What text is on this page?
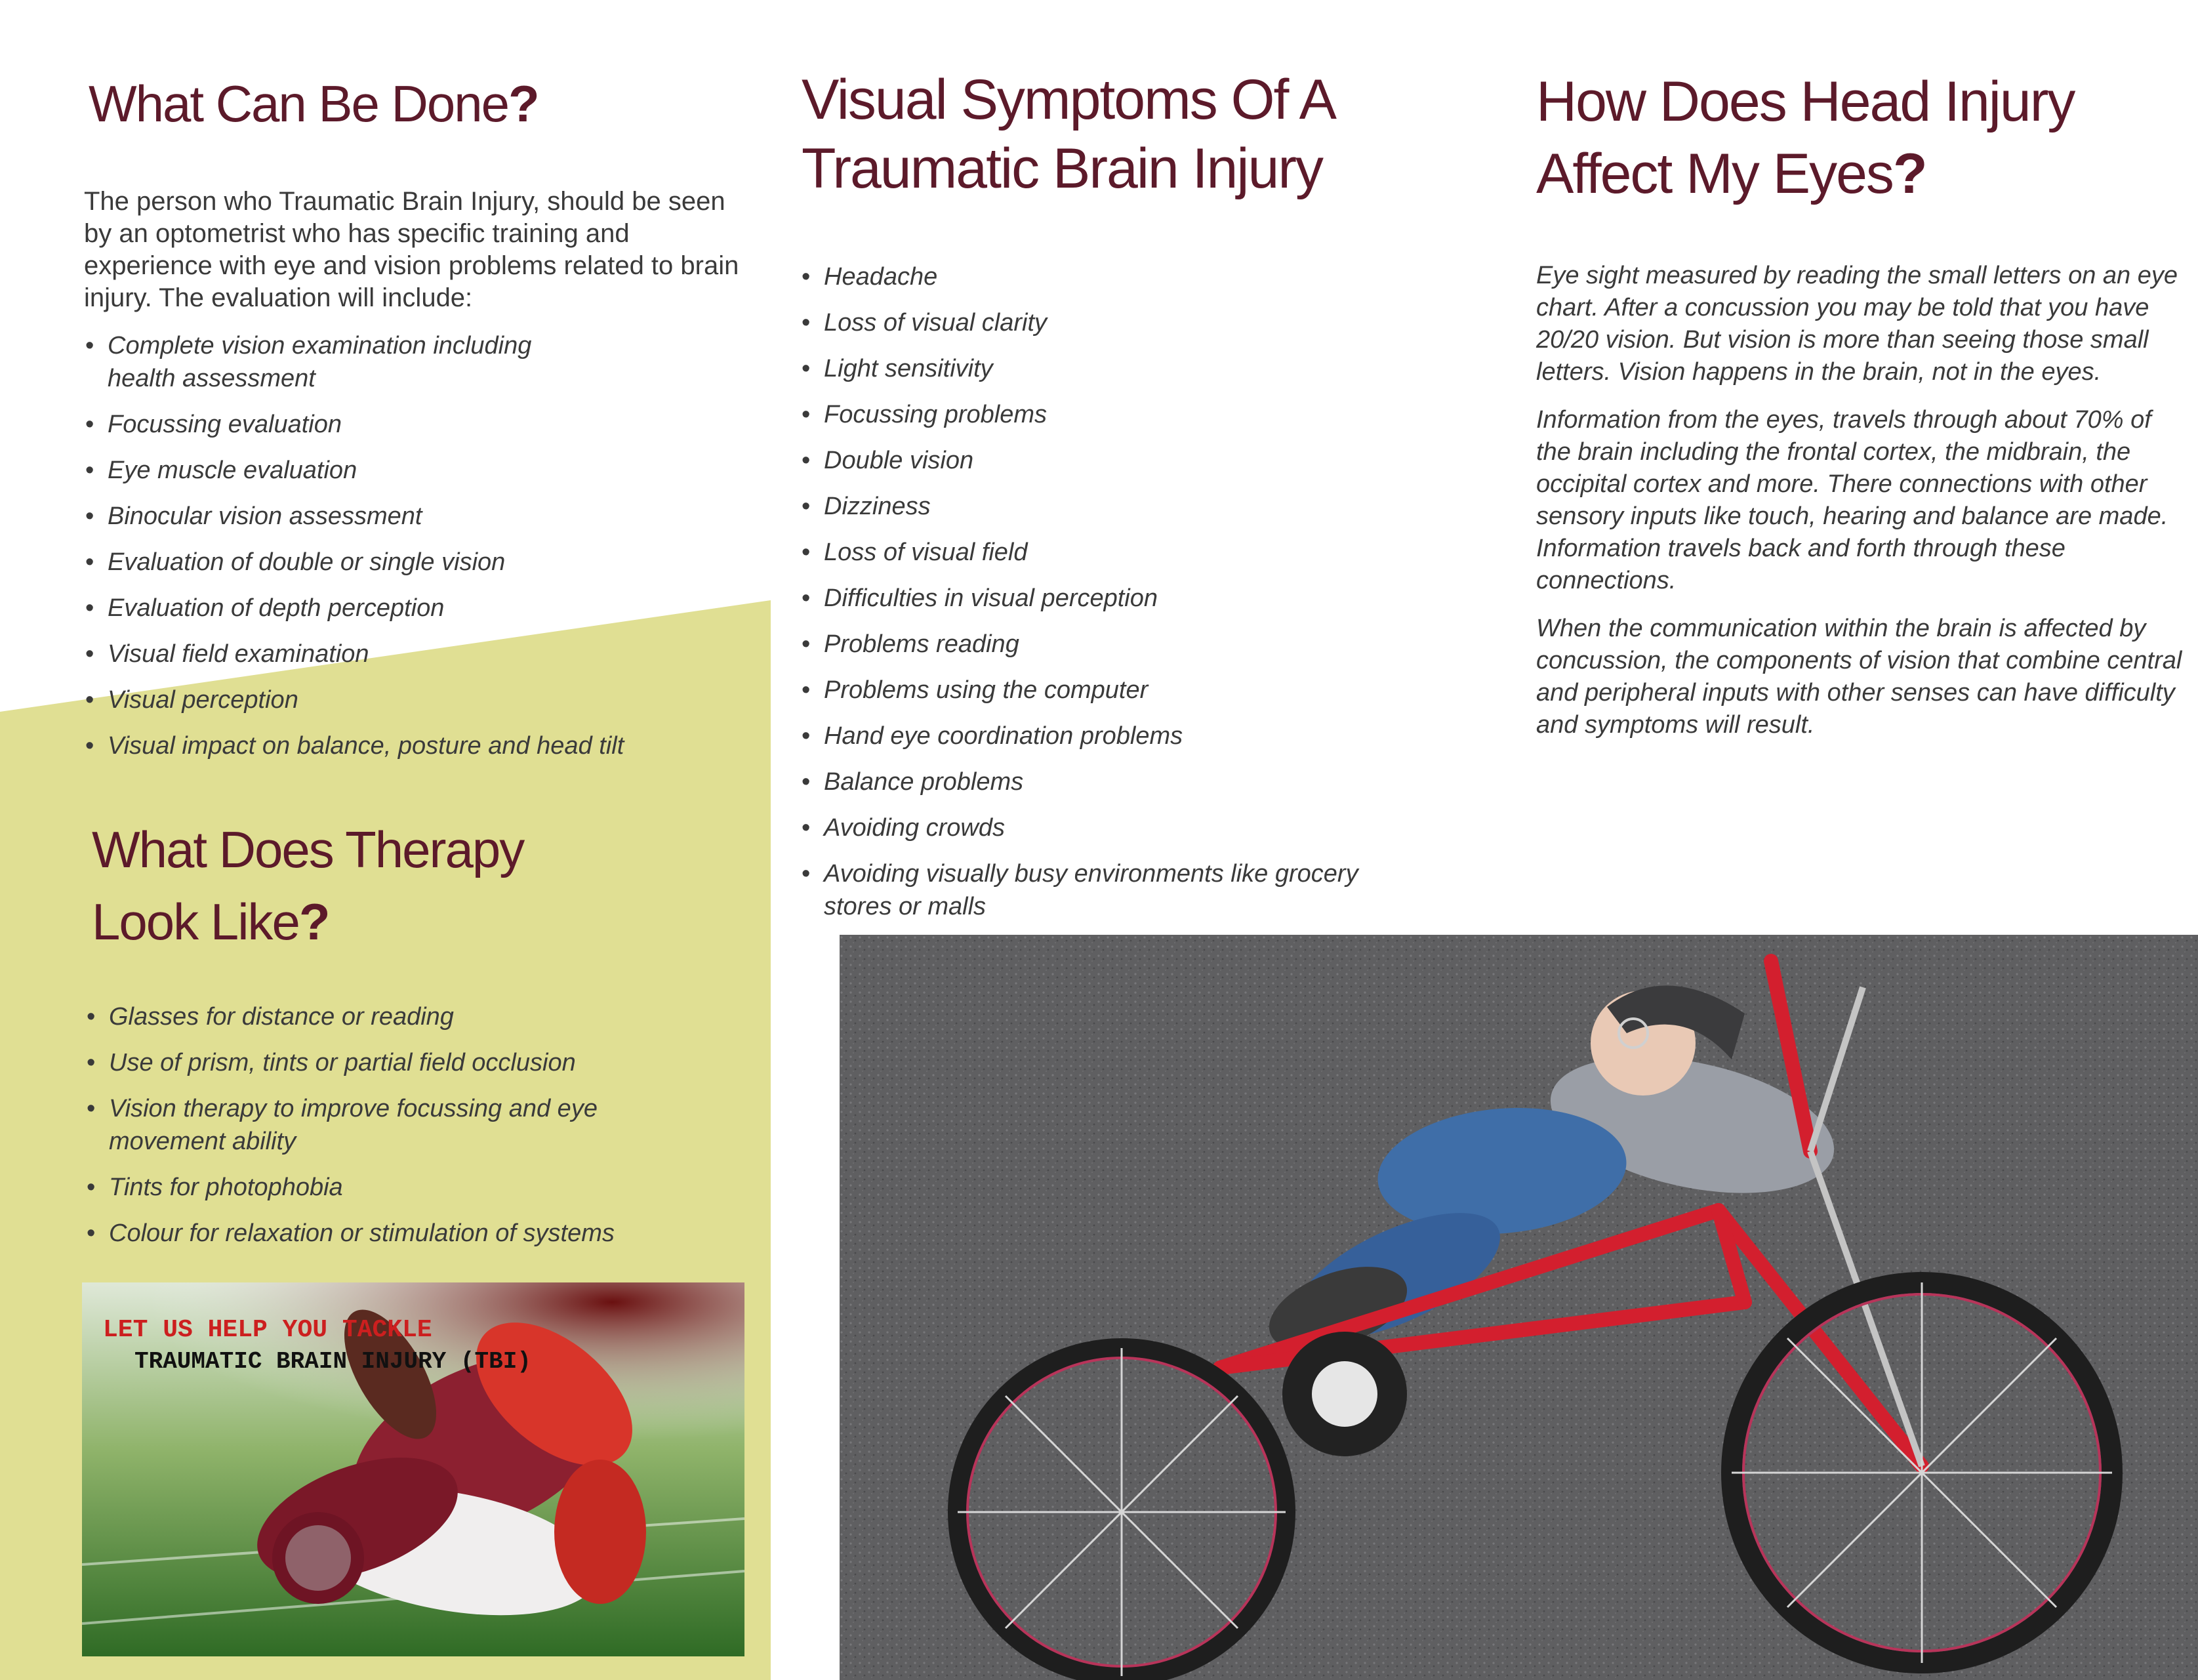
What Can Be Done?

The person who Traumatic Brain Injury, should be seen by an optometrist who has specific training and experience with eye and vision problems related to brain injury. The evaluation will include:

• Complete vision examination including health assessment
• Focussing evaluation
• Eye muscle evaluation
• Binocular vision assessment
• Evaluation of double or single vision
• Evaluation of depth perception
• Visual field examination
• Visual perception
• Visual impact on balance, posture and head tilt
What Does Therapy
Look Like?
• Glasses for distance or reading
• Use of prism, tints or partial field occlusion
• Vision therapy to improve focussing and eye movement ability
• Tints for photophobia
• Colour for relaxation or stimulation of systems
LET US HELP YOU TACKLE
TRAUMATIC BRAIN INJURY (TBI)
Visual Symptoms Of A
Traumatic Brain Injury
• Headache
• Loss of visual clarity
• Light sensitivity
• Focussing problems
• Double vision
• Dizziness
• Loss of visual field
• Difficulties in visual perception
• Problems reading
• Problems using the computer
• Hand eye coordination problems
• Balance problems
• Avoiding crowds
• Avoiding visually busy environments like grocery stores or malls
How Does Head Injury
Affect My Eyes?

Eye sight measured by reading the small letters on an eye chart. After a concussion you may be told that you have 20/20 vision. But vision is more than seeing those small letters. Vision happens in the brain, not in the eyes.

Information from the eyes, travels through about 70% of the brain including the frontal cortex, the midbrain, the occipital cortex and more. There connections with other sensory inputs like touch, hearing and balance are made. Information travels back and forth through these connections.

When the communication within the brain is affected by concussion, the components of vision that combine central and peripheral inputs with other senses can have difficulty and symptoms will result.
